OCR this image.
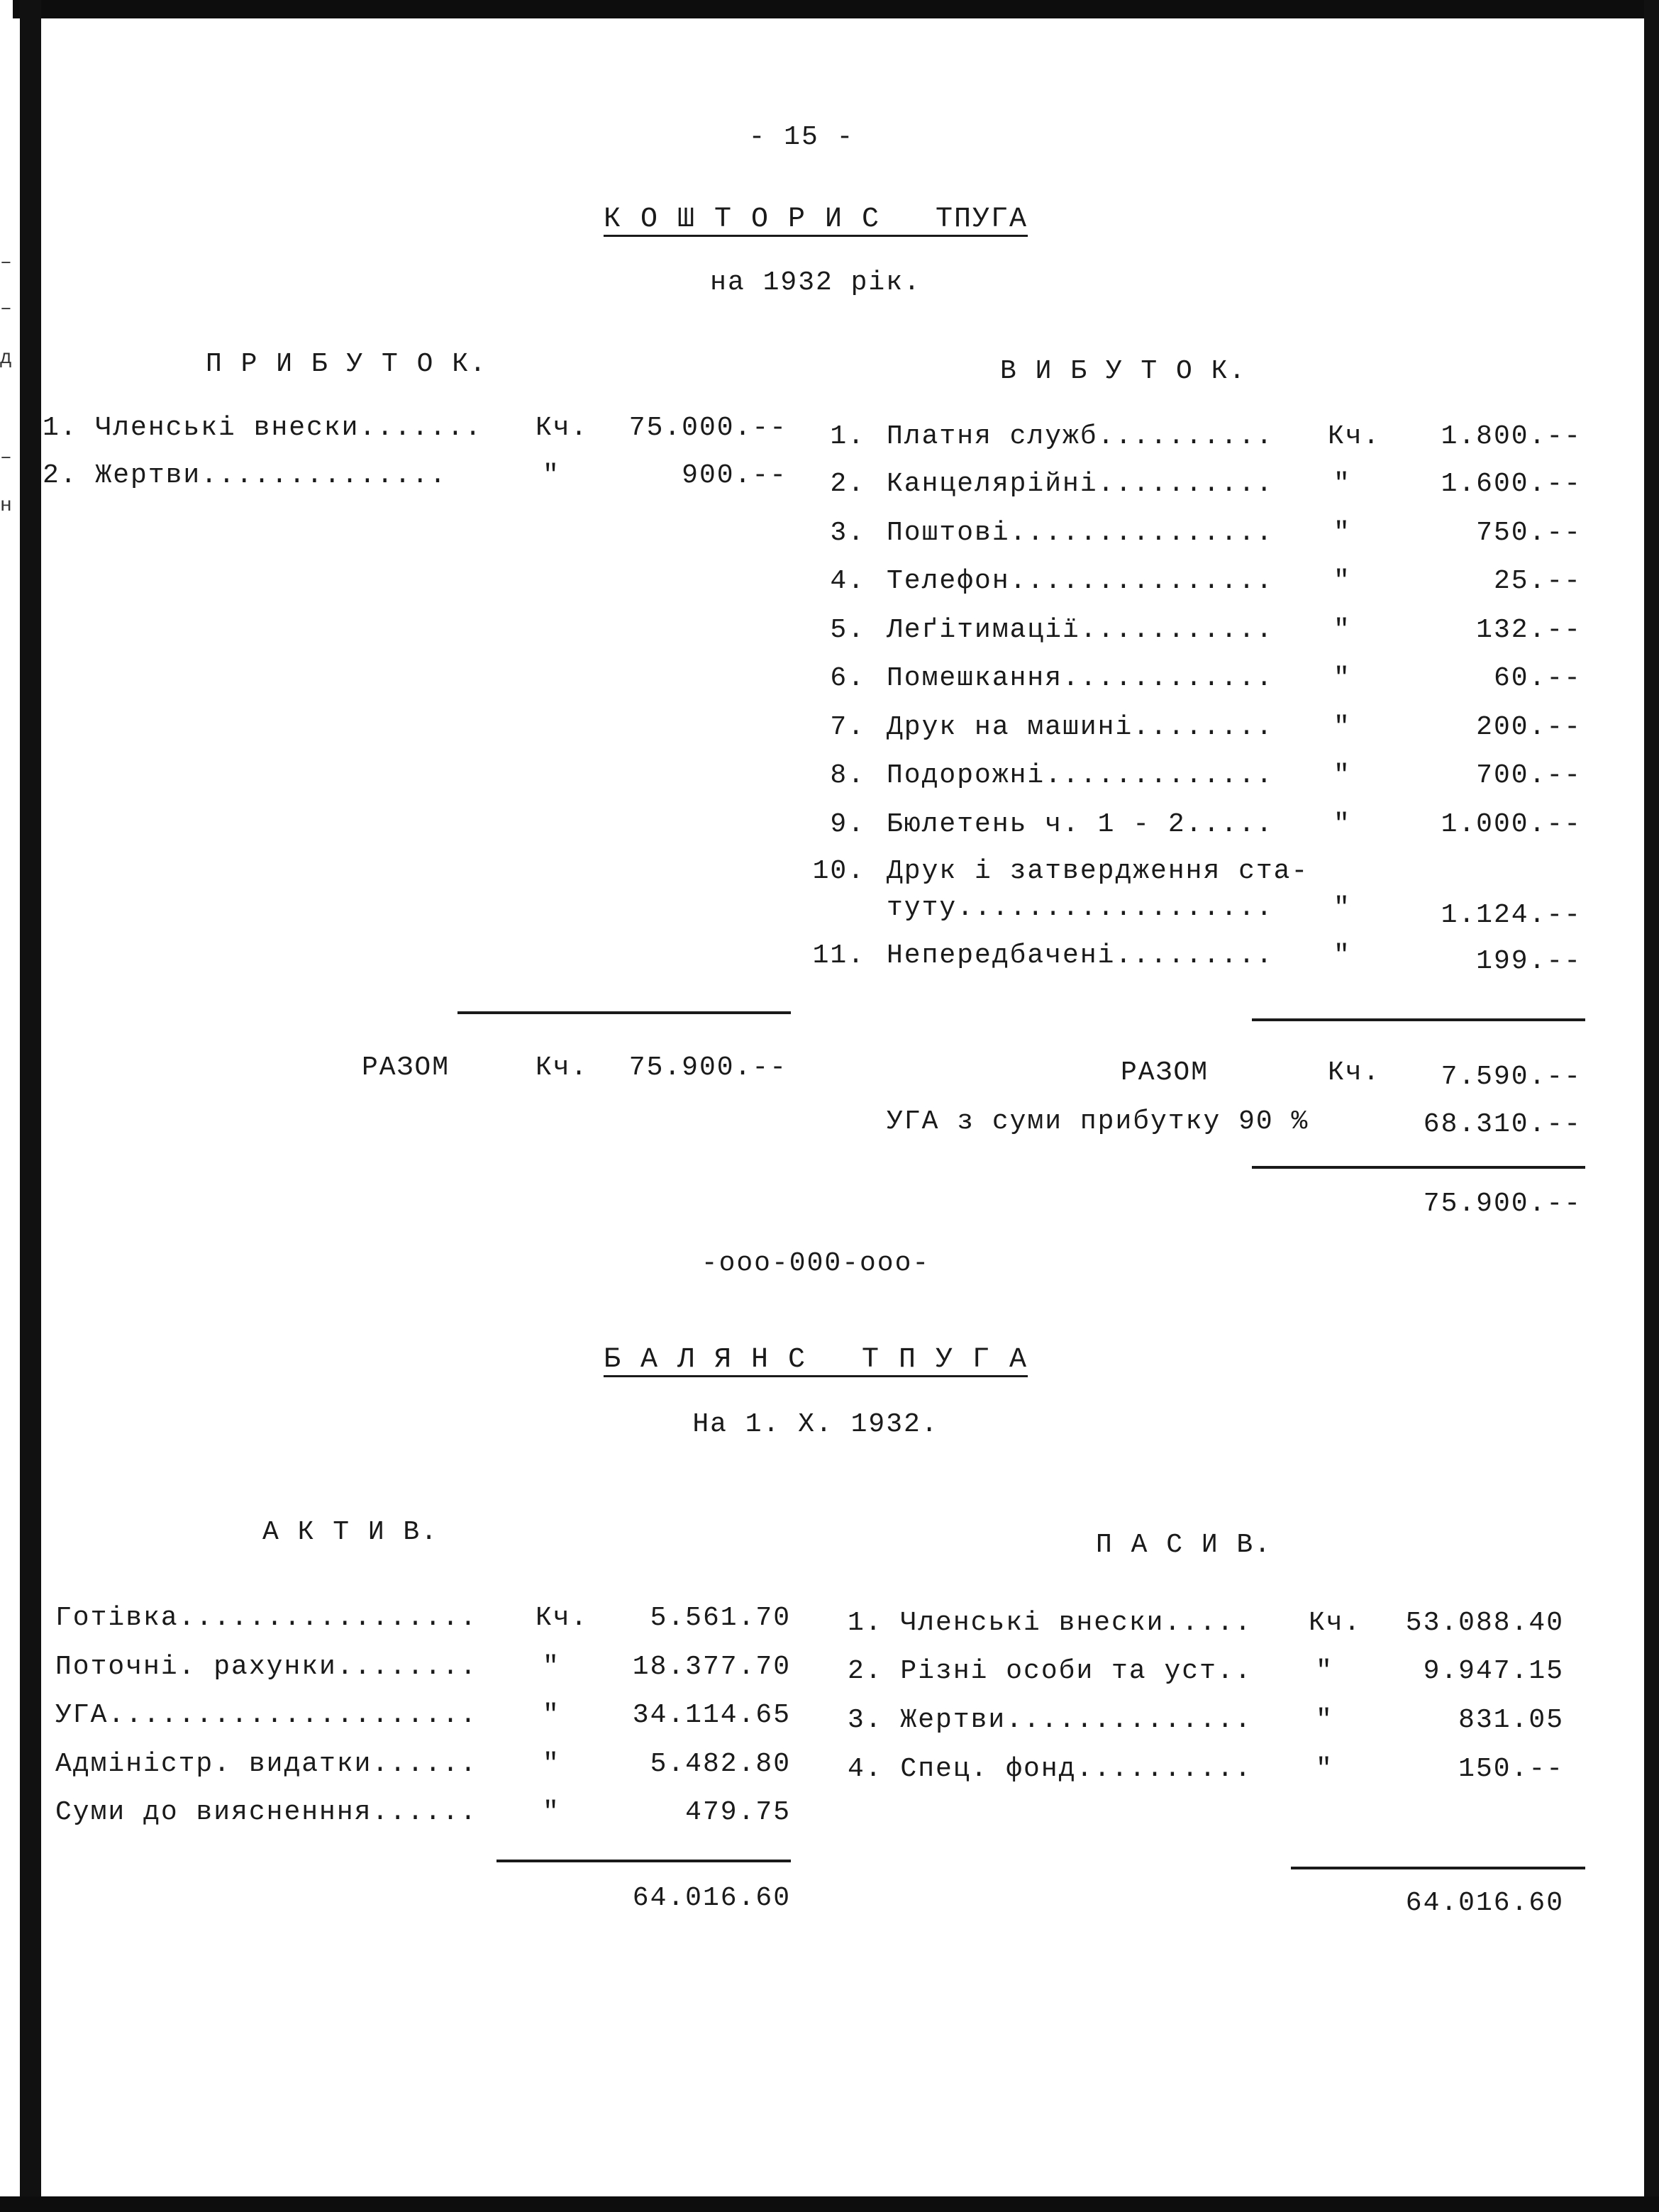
–
–
д
–
н
- 15 -
К О Ш Т О Р И С   ТПУГА
на 1932 рік.
П Р И Б У Т О К.	В И Б У Т О К.
1. Членські внески....... Кч.	75.000.--
2. Жертви..............	"	900.--
1. Платня служб.......... Кч.	1.800.--
2. Канцелярійні.......... "	1.600.--
3. Поштові............... "	750.--
4. Телефон............... "	25.--
5. Леґітимації........... "	132.--
6. Помешкання............ "	60.--
7. Друк на машині........ "	200.--
8. Подорожні............. "	700.--
9. Бюлетень ч. 1 - 2..... "	1.000.--
10. Друк і затвердження ста-
туту.................. "	1.124.--
11. Непередбачені......... "	199.--
РАЗОМ	Кч.	75.900.--	РАЗОМ	Кч.	7.590.--
УГА з суми прибутку 90 %	68.310.--
75.900.--
-ооо-000-ооо-
Б А Л Я Н С   Т П У Г А
На 1. Х. 1932.
А К Т И В.	П А С И В.
Готівка................. Кч.	5.561.70
Поточні. рахунки........ "	18.377.70
УГА..................... "	34.114.65
Адміністр. видатки...... "	5.482.80
Суми до виясненння...... "	479.75
1. Членські внески..... Кч.	53.088.40
2. Різні особи та уст.. "	9.947.15
3. Жертви.............. "	831.05
4. Спец. фонд.......... "	150.--
64.016.60	64.016.60
